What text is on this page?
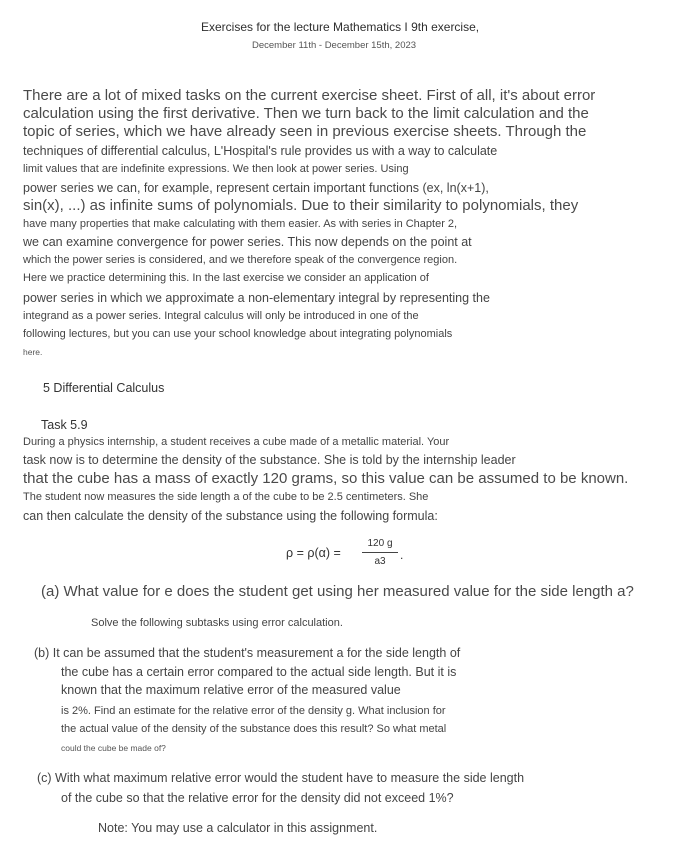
Exercises for the lecture Mathematics I 9th exercise,
December 11th - December 15th, 2023
There are a lot of mixed tasks on the current exercise sheet. First of all, it's about error
calculation using the first derivative. Then we turn back to the limit calculation and the
topic of series, which we have already seen in previous exercise sheets. Through the
techniques of differential calculus, L'Hospital's rule provides us with a way to calculate
limit values that are indefinite expressions. We then look at power series. Using
power series we can, for example, represent certain important functions (ex, ln(x+1),
sin(x), ...) as infinite sums of polynomials. Due to their similarity to polynomials, they
have many properties that make calculating with them easier. As with series in Chapter 2,
we can examine convergence for power series. This now depends on the point at
which the power series is considered, and we therefore speak of the convergence region.
Here we practice determining this. In the last exercise we consider an application of
power series in which we approximate a non-elementary integral by representing the
integrand as a power series. Integral calculus will only be introduced in one of the
following lectures, but you can use your school knowledge about integrating polynomials
here.
5 Differential Calculus
Task 5.9
During a physics internship, a student receives a cube made of a metallic material. Your
task now is to determine the density of the substance. She is told by the internship leader
that the cube has a mass of exactly 120 grams, so this value can be assumed to be known.
The student now measures the side length a of the cube to be 2.5 centimeters. She
can then calculate the density of the substance using the following formula:
ρ = ρ(α) =
120 g
a3	.
(a) What value for e does the student get using her measured value for the side length a?
Solve the following subtasks using error calculation.
(b) It can be assumed that the student's measurement a for the side length of
the cube has a certain error compared to the actual side length. But it is
known that the maximum relative error of the measured value
is 2%. Find an estimate for the relative error of the density g. What inclusion for
the actual value of the density of the substance does this result? So what metal
could the cube be made of?
(c) With what maximum relative error would the student have to measure the side length
of the cube so that the relative error for the density did not exceed 1%?
Note: You may use a calculator in this assignment.
